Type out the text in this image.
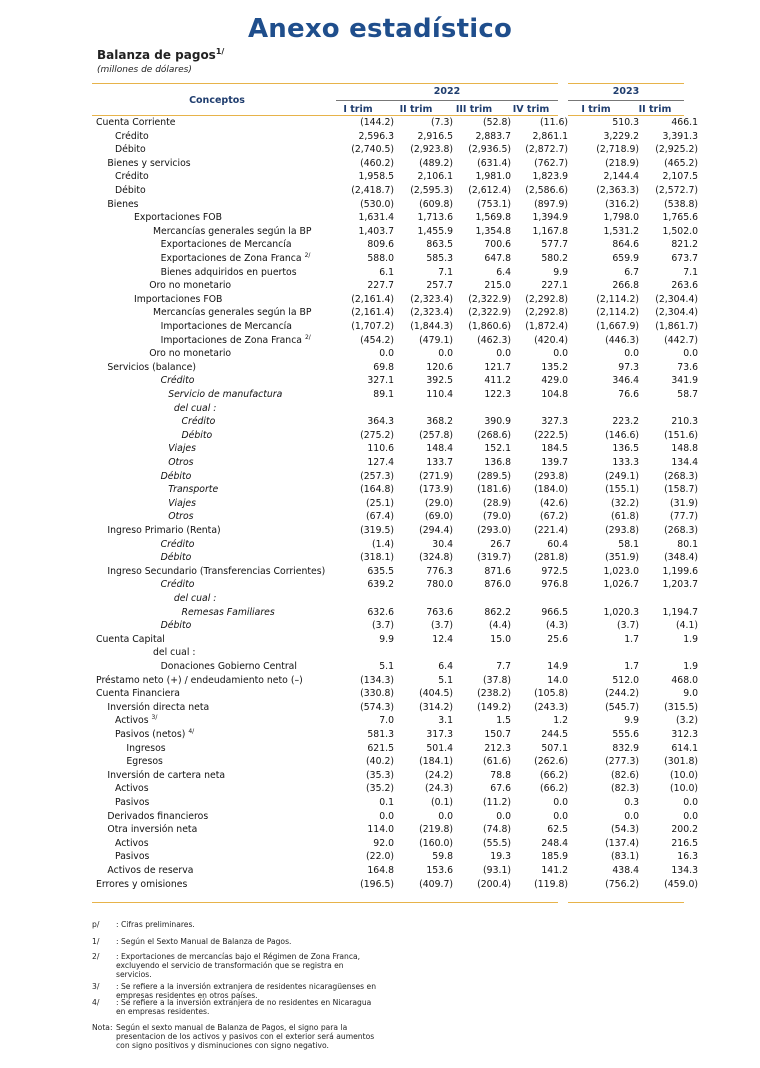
Anexo estadístico
Balanza de pagos$^{1/}$
(millones de dólares)
Conceptos
2022	2023
I trim	II trim	III trim	IV trim	I trim	II trim
Cuenta Corriente	(144.2)	(7.3)	(52.8)	(11.6)	510.3	466.1
Crédito	2,596.3	2,916.5	2,883.7	2,861.1	3,229.2	3,391.3
Débito	(2,740.5)	(2,923.8)	(2,936.5)	(2,872.7)	(2,718.9)	(2,925.2)
Bienes y servicios	(460.2)	(489.2)	(631.4)	(762.7)	(218.9)	(465.2)
Crédito	1,958.5	2,106.1	1,981.0	1,823.9	2,144.4	2,107.5
Débito	(2,418.7)	(2,595.3)	(2,612.4)	(2,586.6)	(2,363.3)	(2,572.7)
Bienes	(530.0)	(609.8)	(753.1)	(897.9)	(316.2)	(538.8)
Exportaciones FOB	1,631.4	1,713.6	1,569.8	1,394.9	1,798.0	1,765.6
Mercancías generales según la BP	1,403.7	1,455.9	1,354.8	1,167.8	1,531.2	1,502.0
Exportaciones de Mercancía	809.6	863.5	700.6	577.7	864.6	821.2
Exportaciones de Zona Franca $^{2/}$	588.0	585.3	647.8	580.2	659.9	673.7
Bienes adquiridos en puertos	6.1	7.1	6.4	9.9	6.7	7.1
Oro no monetario	227.7	257.7	215.0	227.1	266.8	263.6
Importaciones FOB	(2,161.4)	(2,323.4)	(2,322.9)	(2,292.8)	(2,114.2)	(2,304.4)
Mercancías generales según la BP	(2,161.4)	(2,323.4)	(2,322.9)	(2,292.8)	(2,114.2)	(2,304.4)
Importaciones de Mercancía	(1,707.2)	(1,844.3)	(1,860.6)	(1,872.4)	(1,667.9)	(1,861.7)
Importaciones de Zona Franca $^{2/}$	(454.2)	(479.1)	(462.3)	(420.4)	(446.3)	(442.7)
Oro no monetario	0.0	0.0	0.0	0.0	0.0	0.0
Servicios (balance)	69.8	120.6	121.7	135.2	97.3	73.6
Crédito	327.1	392.5	411.2	429.0	346.4	341.9
Servicio de manufactura	89.1	110.4	122.3	104.8	76.6	58.7
del cual :
Crédito	364.3	368.2	390.9	327.3	223.2	210.3
Débito	(275.2)	(257.8)	(268.6)	(222.5)	(146.6)	(151.6)
Viajes	110.6	148.4	152.1	184.5	136.5	148.8
Otros	127.4	133.7	136.8	139.7	133.3	134.4
Débito	(257.3)	(271.9)	(289.5)	(293.8)	(249.1)	(268.3)
Transporte	(164.8)	(173.9)	(181.6)	(184.0)	(155.1)	(158.7)
Viajes	(25.1)	(29.0)	(28.9)	(42.6)	(32.2)	(31.9)
Otros	(67.4)	(69.0)	(79.0)	(67.2)	(61.8)	(77.7)
Ingreso Primario (Renta)	(319.5)	(294.4)	(293.0)	(221.4)	(293.8)	(268.3)
Crédito	(1.4)	30.4	26.7	60.4	58.1	80.1
Débito	(318.1)	(324.8)	(319.7)	(281.8)	(351.9)	(348.4)
Ingreso Secundario (Transferencias Corrientes)	635.5	776.3	871.6	972.5	1,023.0	1,199.6
Crédito	639.2	780.0	876.0	976.8	1,026.7	1,203.7
del cual :
Remesas Familiares	632.6	763.6	862.2	966.5	1,020.3	1,194.7
Débito	(3.7)	(3.7)	(4.4)	(4.3)	(3.7)	(4.1)
Cuenta Capital	9.9	12.4	15.0	25.6	1.7	1.9
del cual :
Donaciones Gobierno Central	5.1	6.4	7.7	14.9	1.7	1.9
Préstamo neto (+) / endeudamiento neto (–)	(134.3)	5.1	(37.8)	14.0	512.0	468.0
Cuenta Financiera	(330.8)	(404.5)	(238.2)	(105.8)	(244.2)	9.0
Inversión directa neta	(574.3)	(314.2)	(149.2)	(243.3)	(545.7)	(315.5)
Activos $^{3/}$	7.0	3.1	1.5	1.2	9.9	(3.2)
Pasivos (netos) $^{4/}$	581.3	317.3	150.7	244.5	555.6	312.3
Ingresos	621.5	501.4	212.3	507.1	832.9	614.1
Egresos	(40.2)	(184.1)	(61.6)	(262.6)	(277.3)	(301.8)
Inversión de cartera neta	(35.3)	(24.2)	78.8	(66.2)	(82.6)	(10.0)
Activos	(35.2)	(24.3)	67.6	(66.2)	(82.3)	(10.0)
Pasivos	0.1	(0.1)	(11.2)	0.0	0.3	0.0
Derivados financieros	0.0	0.0	0.0	0.0	0.0	0.0
Otra inversión neta	114.0	(219.8)	(74.8)	62.5	(54.3)	200.2
Activos	92.0	(160.0)	(55.5)	248.4	(137.4)	216.5
Pasivos	(22.0)	59.8	19.3	185.9	(83.1)	16.3
Activos de reserva	164.8	153.6	(93.1)	141.2	438.4	134.3
Errores y omisiones	(196.5)	(409.7)	(200.4)	(119.8)	(756.2)	(459.0)
p/	: Cifras preliminares.
1/	: Según el Sexto Manual de Balanza de Pagos.
2/	: Exportaciones de mercancías bajo el Régimen de Zona Franca, excluyendo el servicio de transformación que se registra en servicios.
3/	: Se refiere a la inversión extranjera de residentes nicaragüenses en empresas residentes en otros países.
4/	: Se refiere a la inversión extranjera de no residentes en Nicaragua en empresas residentes.
Nota: Según el sexto manual de Balanza de Pagos, el signo para la presentacion de los activos y pasivos con el exterior será aumentos con signo positivos y disminuciones con signo negativo.
